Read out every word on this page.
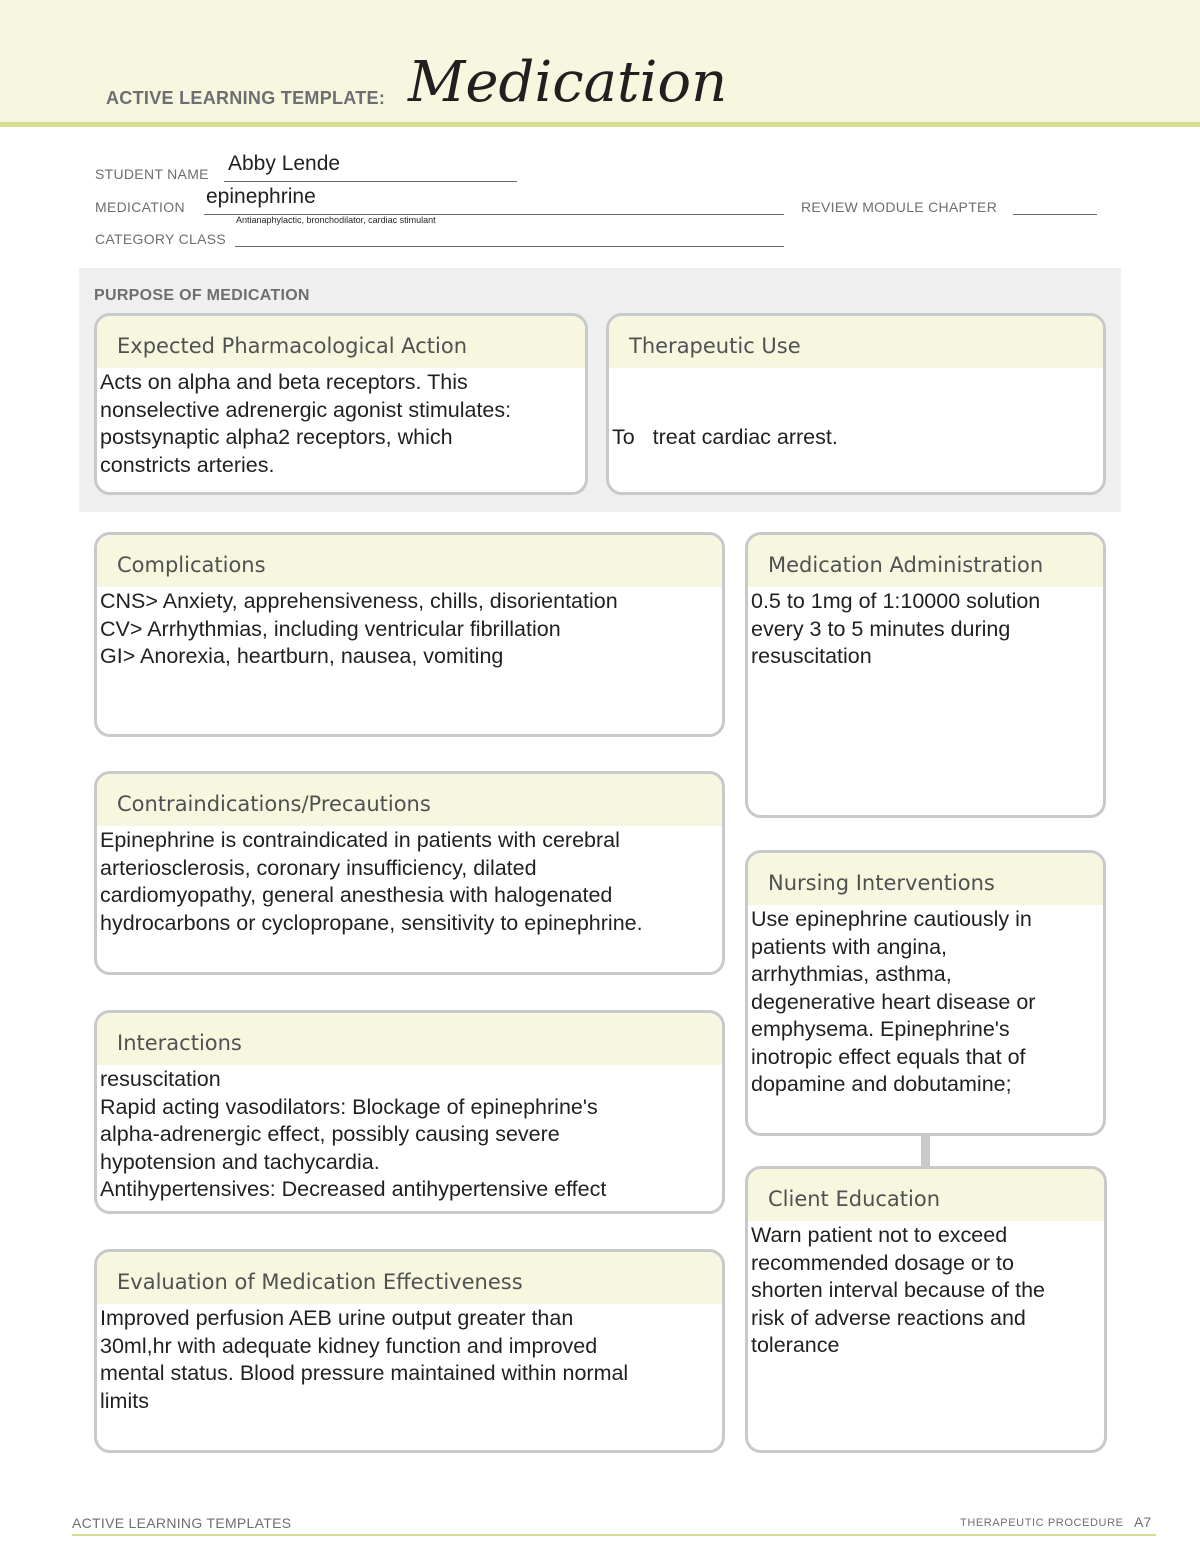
ACTIVE LEARNING TEMPLATE: Medication
STUDENT NAME Abby Lende
MEDICATION epinephrine
Antianaphylactic, bronchodilator, cardiac stimulant
REVIEW MODULE CHAPTER
CATEGORY CLASS
PURPOSE OF MEDICATION
Expected Pharmacological Action
Acts on alpha and beta receptors. This
nonselective adrenergic agonist stimulates:
postsynaptic alpha2 receptors, which
constricts arteries.
Therapeutic Use

To   treat cardiac arrest.

Complications
CNS> Anxiety, apprehensiveness, chills, disorientation
CV> Arrhythmias, including ventricular fibrillation
GI> Anorexia, heartburn, nausea, vomiting
Contraindications/Precautions
Epinephrine is contraindicated in patients with cerebral
arteriosclerosis, coronary insufficiency, dilated
cardiomyopathy, general anesthesia with halogenated
hydrocarbons or cyclopropane, sensitivity to epinephrine.
Interactions
resuscitation
Rapid acting vasodilators: Blockage of epinephrine's
alpha-adrenergic effect, possibly causing severe
hypotension and tachycardia.
Antihypertensives: Decreased antihypertensive effect
Evaluation of Medication Effectiveness
Improved perfusion AEB urine output greater than
30ml,hr with adequate kidney function and improved
mental status. Blood pressure maintained within normal
limits
Medication Administration
0.5 to 1mg of 1:10000 solution
every 3 to 5 minutes during
resuscitation
Nursing Interventions
Use epinephrine cautiously in
patients with angina,
arrhythmias, asthma,
degenerative heart disease or
emphysema. Epinephrine's
inotropic effect equals that of
dopamine and dobutamine;
Client Education
Warn patient not to exceed
recommended dosage or to
shorten interval because of the
risk of adverse reactions and
tolerance
ACTIVE LEARNING TEMPLATES	THERAPEUTIC PROCEDURE A7
